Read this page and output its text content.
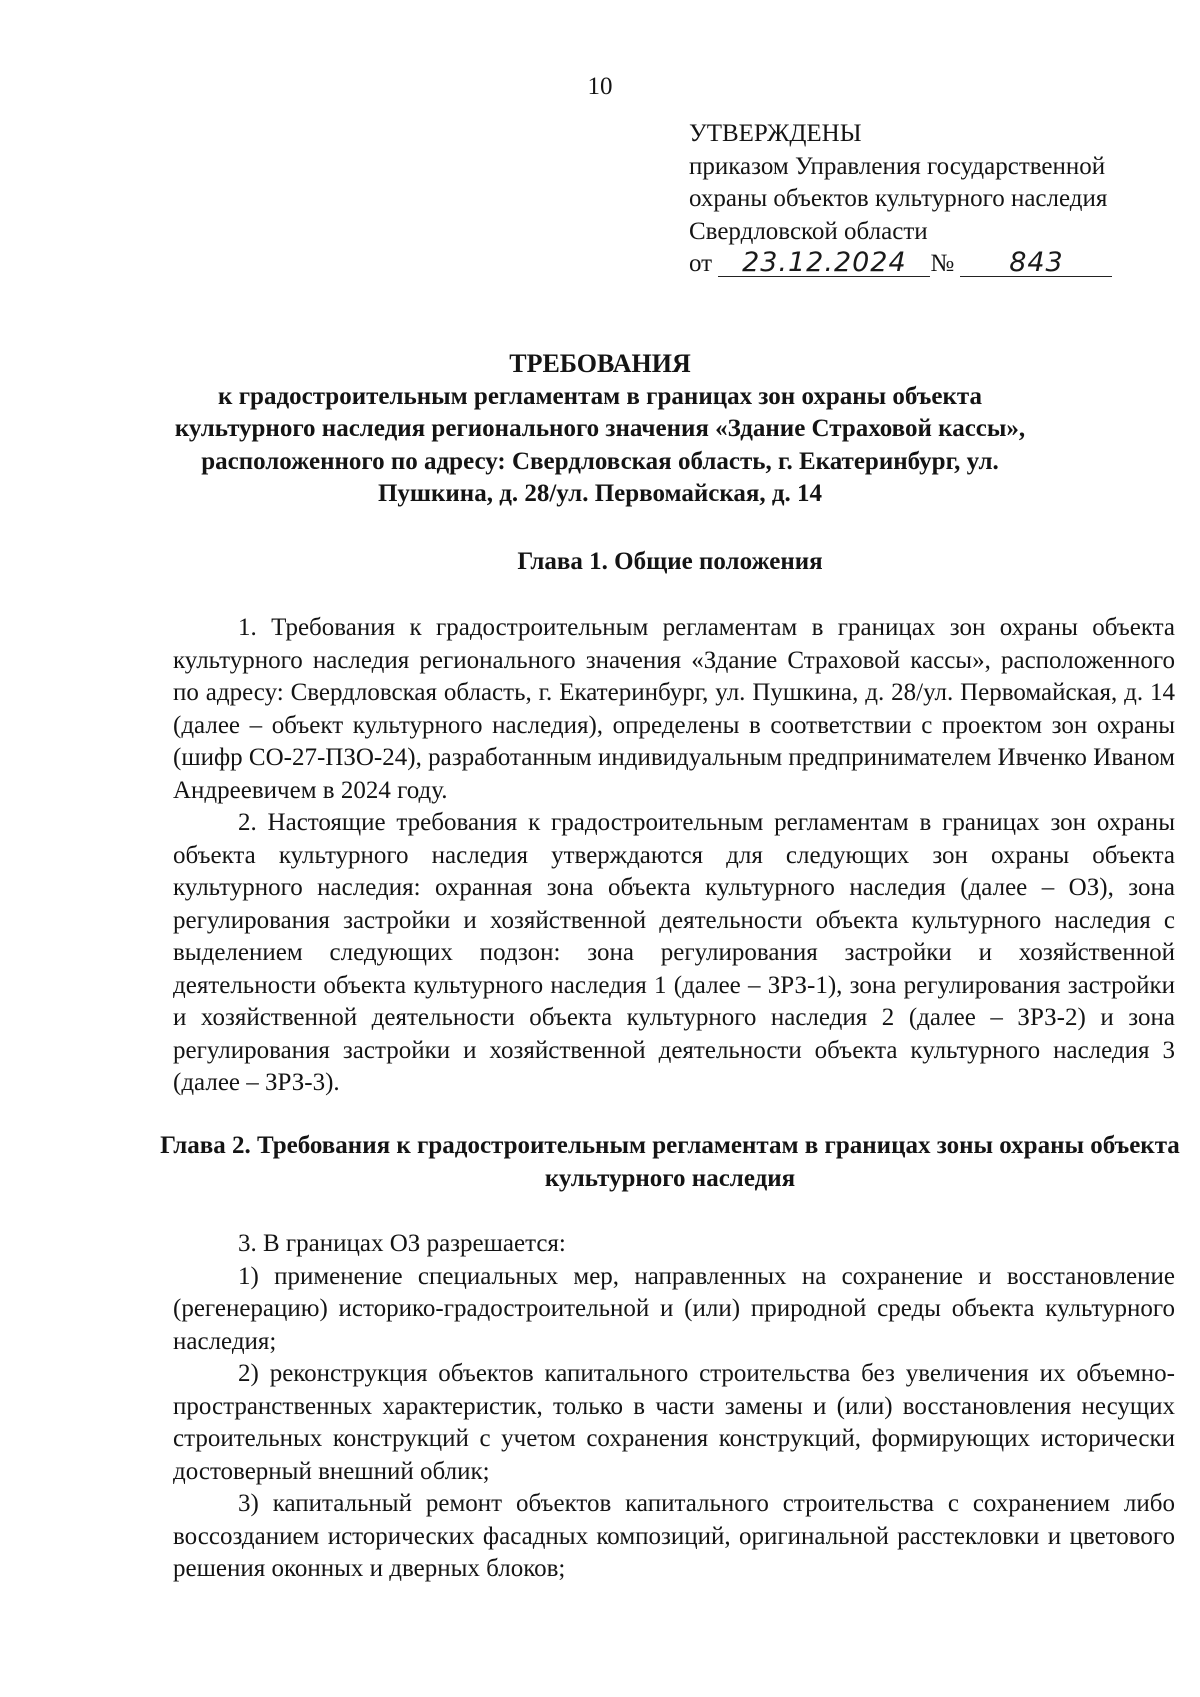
10
УТВЕРЖДЕНЫ
приказом Управления государственной
охраны объектов культурного наследия
Свердловской области
от 23.12.2024 № 843
ТРЕБОВАНИЯ
к градостроительным регламентам в границах зон охраны объекта культурного наследия регионального значения «Здание Страховой кассы», расположенного по адресу: Свердловская область, г. Екатеринбург, ул. Пушкина, д. 28/ул. Первомайская, д. 14
Глава 1. Общие положения

1. Требования к градостроительным регламентам в границах зон охраны объекта культурного наследия регионального значения «Здание Страховой кассы», расположенного по адресу: Свердловская область, г. Екатеринбург, ул. Пушкина, д. 28/ул. Первомайская, д. 14 (далее – объект культурного наследия), определены в соответствии с проектом зон охраны (шифр СО-27-ПЗО-24), разработанным индивидуальным предпринимателем Ивченко Иваном Андреевичем в 2024 году.

2. Настоящие требования к градостроительным регламентам в границах зон охраны объекта культурного наследия утверждаются для следующих зон охраны объекта культурного наследия: охранная зона объекта культурного наследия (далее – ОЗ), зона регулирования застройки и хозяйственной деятельности объекта культурного наследия с выделением следующих подзон: зона регулирования застройки и хозяйственной деятельности объекта культурного наследия 1 (далее – ЗРЗ-1), зона регулирования застройки и хозяйственной деятельности объекта культурного наследия 2 (далее – ЗРЗ-2) и зона регулирования застройки и хозяйственной деятельности объекта культурного наследия 3 (далее – ЗРЗ-3).

Глава 2. Требования к градостроительным регламентам в границах зоны охраны объекта культурного наследия

3. В границах ОЗ разрешается:

1) применение специальных мер, направленных на сохранение и восстановление (регенерацию) историко-градостроительной и (или) природной среды объекта культурного наследия;

2) реконструкция объектов капитального строительства без увеличения их объемно-пространственных характеристик, только в части замены и (или) восстановления несущих строительных конструкций с учетом сохранения конструкций, формирующих исторически достоверный внешний облик;

3) капитальный ремонт объектов капитального строительства с сохранением либо воссозданием исторических фасадных композиций, оригинальной расстекловки и цветового решения оконных и дверных блоков;
